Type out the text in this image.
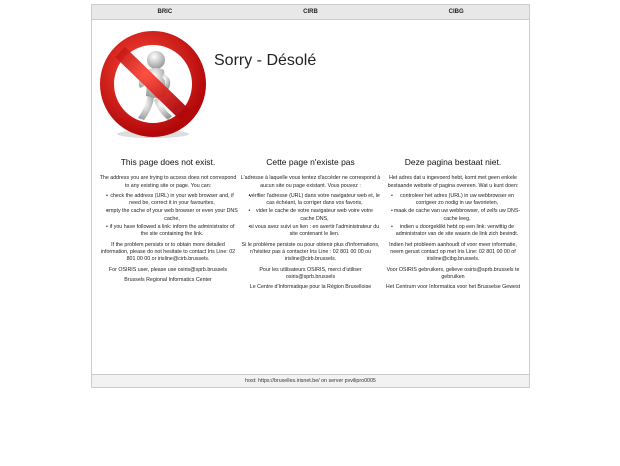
BRIC	CIRB	CIBG
Sorry - Désolé
This page does not exist.

The address you are trying to access does not correspond to any existing site or page. You can:

• check the address (URL) in your web browser and, if need be, correct it in your favourites,
• empty the cache of your web browser or even your DNS cache,
• if you have followed a link: inform the administrator of the site containing the link.

If the problem persists or to obtain more detailed information, please do not hesitate to contact Iris Line: 02 801 00 00 or irisline@cirb.brussels.

For OSIRIS user, please use osiris@sprb.brussels

Brussels Regional Informatics Center

Cette page n'existe pas

L'adresse à laquelle vous tentez d'accéder ne correspond à aucun site ou page existant. Vous pouvez :

• vérifier l'adresse (URL) dans votre navigateur web et, le cas échéant, la corriger dans vos favoris,
• vider le cache de votre navigateur web voire votre cache DNS,
• si vous avez suivi un lien : en avertir l'administrateur du site contenant le lien.

Si le problème persiste ou pour obtenir plus d'informations, n'hésitez pas à contacter Iris Line : 02 801 00 00 ou irisline@cirb.brussels.

Pour les utilisateurs OSIRIS, merci d'utiliser osiris@sprb.brussels

Le Centre d'Informatique pour la Région Bruxelloise

Deze pagina bestaat niet.

Het adres dat u ingevoerd hebt, komt met geen enkele bestaande website of pagina overeen. Wat u kunt doen:

• controleer het adres (URL) in uw webbrowser en corrigeer zo nodig in uw favorieten,
• maak de cache van uw webbrowser, of zelfs uw DNS-cache leeg,
• indien u doorgeklikt hebt op een link: verwittig de administrator van de site waarin de link zich bevindt.

Indien het probleem aanhoudt of voor meer informatie, neem gerust contact op met Iris Line: 02 801 00 00 of irisline@cibg.brussels.

Voor OSIRIS gebruikers, gelieve osiris@sprb.brussels te gebruiken

Het Centrum voor Informatica voor het Brusselse Gewest

host: https://bruxelles.irisnet.be/ on server pvvilipro0005
